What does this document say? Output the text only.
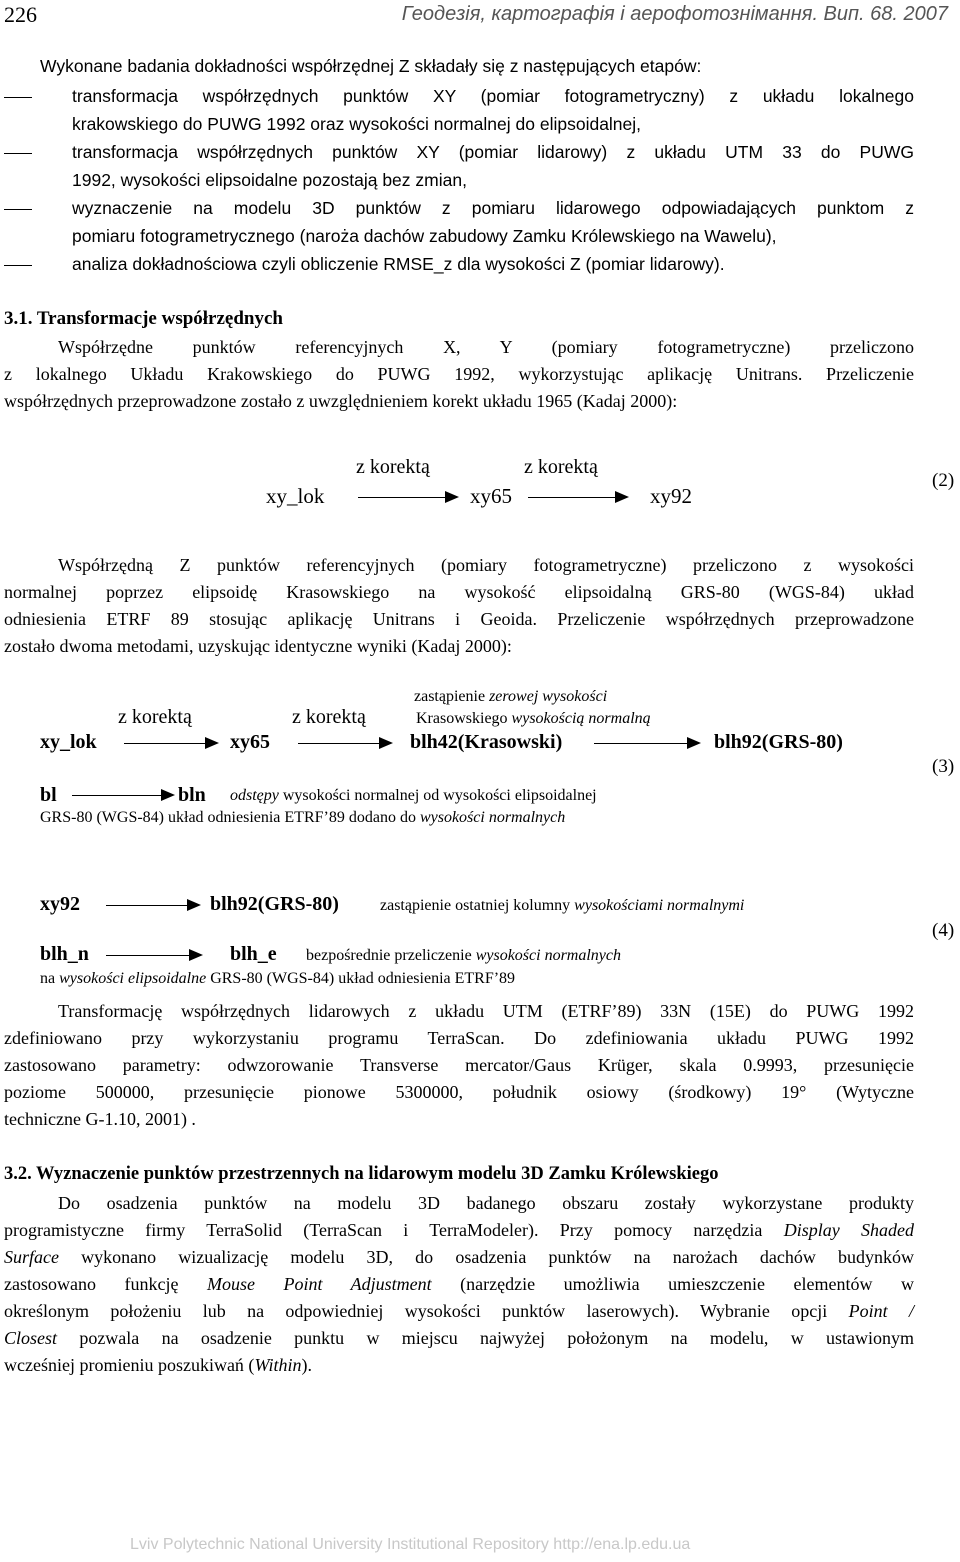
226	Геодезія, картографія і аерофотознімання. Вип. 68. 2007
Wykonane badania dokładności współrzędnej Z składały się z następujących etapów:
transformacja współrzędnych punktów XY (pomiar fotogrametryczny) z układu lokalnego
krakowskiego do PUWG 1992 oraz wysokości normalnej do elipsoidalnej,
transformacja współrzędnych punktów XY (pomiar lidarowy) z układu UTM 33 do PUWG
1992, wysokości elipsoidalne pozostają bez zmian,
wyznaczenie na modelu 3D punktów z pomiaru lidarowego odpowiadających punktom z
pomiaru fotogrametrycznego (naroża dachów zabudowy Zamku Królewskiego na Wawelu),
analiza dokładnościowa czyli obliczenie RMSE_z dla wysokości Z (pomiar lidarowy).
3.1. Transformacje współrzędnych
Współrzędne punktów referencyjnych X, Y (pomiary fotogrametryczne) przeliczono
z lokalnego Układu Krakowskiego do PUWG 1992, wykorzystując aplikację Unitrans. Przeliczenie
współrzędnych przeprowadzone zostało z uwzględnieniem korekt układu 1965 (Kadaj 2000):
z korektą	z korektą
xy_lok	xy65	xy92
(2)
Współrzędną Z punktów referencyjnych (pomiary fotogrametryczne) przeliczono z wysokości
normalnej poprzez elipsoidę Krasowskiego na wysokość elipsoidalną GRS-80 (WGS-84) układ
odniesienia ETRF 89 stosując aplikację Unitrans i Geoida. Przeliczenie współrzędnych przeprowadzone
zostało dwoma metodami, uzyskując identyczne wyniki (Kadaj 2000):
zastąpienie zerowej wysokości
Krasowskiego wysokością normalną
z korektą	z korektą
xy_lok	xy65	blh42(Krasowski)	blh92(GRS-80)
(3)
bl	bln odstępy wysokości normalnej od wysokości elipsoidalnej
GRS-80 (WGS-84) układ odniesienia ETRF’89 dodano do wysokości normalnych
xy92	blh92(GRS-80)	zastąpienie ostatniej kolumny wysokościami normalnymi
(4)
blh_n	blh_e bezpośrednie przeliczenie wysokości normalnych
na wysokości elipsoidalne GRS-80 (WGS-84) układ odniesienia ETRF’89
Transformację współrzędnych lidarowych z układu UTM (ETRF’89) 33N (15E) do PUWG 1992
zdefiniowano przy wykorzystaniu programu TerraScan. Do zdefiniowania układu PUWG 1992
zastosowano parametry: odwzorowanie Transverse mercator/Gaus Krüger, skala 0.9993, przesunięcie
poziome 500000, przesunięcie pionowe 5300000, południk osiowy (środkowy) 19° (Wytyczne
techniczne G-1.10, 2001) .
3.2. Wyznaczenie punktów przestrzennych na lidarowym modelu 3D Zamku Królewskiego
Do osadzenia punktów na modelu 3D badanego obszaru zostały wykorzystane produkty
programistyczne firmy TerraSolid (TerraScan i TerraModeler). Przy pomocy narzędzia Display Shaded
Surface wykonano wizualizację modelu 3D, do osadzenia punktów na narożach dachów budynków
zastosowano funkcję Mouse Point Adjustment (narzędzie umożliwia umieszczenie elementów w
określonym położeniu lub na odpowiedniej wysokości punktów laserowych). Wybranie opcji Point /
Closest pozwala na osadzenie punktu w miejscu najwyżej położonym na modelu, w ustawionym
wcześniej promieniu poszukiwań (Within).
Lviv Polytechnic National University Institutional Repository http://ena.lp.edu.ua
